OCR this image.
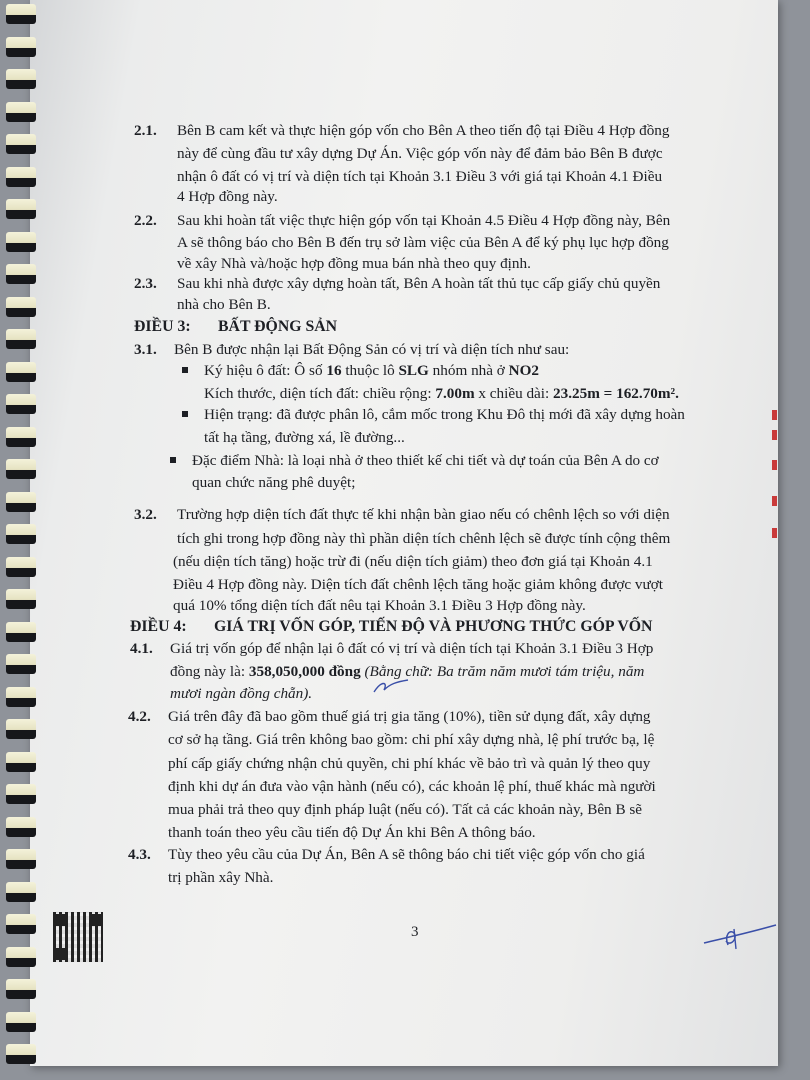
2.1. Bên B cam kết và thực hiện góp vốn cho Bên A theo tiến độ tại Điều 4 Hợp đồng
này để cùng đầu tư xây dựng Dự Án. Việc góp vốn này để đảm bảo Bên B được
nhận ô đất có vị trí và diện tích tại Khoản 3.1 Điều 3 với giá tại Khoản 4.1 Điều
4 Hợp đồng này.
2.2. Sau khi hoàn tất việc thực hiện góp vốn tại Khoản 4.5 Điều 4 Hợp đồng này, Bên
A sẽ thông báo cho Bên B đến trụ sở làm việc của Bên A để ký phụ lục hợp đồng
về xây Nhà và/hoặc hợp đồng mua bán nhà theo quy định.
2.3. Sau khi nhà được xây dựng hoàn tất, Bên A hoàn tất thủ tục cấp giấy chủ quyền
nhà cho Bên B.
ĐIỀU 3: BẤT ĐỘNG SẢN
3.1. Bên B được nhận lại Bất Động Sản có vị trí và diện tích như sau:
Ký hiệu ô đất: Ô số 16 thuộc lô SLG nhóm nhà ở NO2
Kích thước, diện tích đất: chiều rộng: 7.00m x chiều dài: 23.25m = 162.70m².
Hiện trạng: đã được phân lô, cắm mốc trong Khu Đô thị mới đã xây dựng hoàn
tất hạ tầng, đường xá, lề đường...
Đặc điểm Nhà: là loại nhà ở theo thiết kế chi tiết và dự toán của Bên A do cơ
quan chức năng phê duyệt;
3.2. Trường hợp diện tích đất thực tế khi nhận bàn giao nếu có chênh lệch so với diện
tích ghi trong hợp đồng này thì phần diện tích chênh lệch sẽ được tính cộng thêm
(nếu diện tích tăng) hoặc trừ đi (nếu diện tích giảm) theo đơn giá tại Khoản 4.1
Điều 4 Hợp đồng này. Diện tích đất chênh lệch tăng hoặc giảm không được vượt
quá 10% tổng diện tích đất nêu tại Khoản 3.1 Điều 3 Hợp đồng này.
ĐIỀU 4: GIÁ TRỊ VỐN GÓP, TIẾN ĐỘ VÀ PHƯƠNG THỨC GÓP VỐN
4.1. Giá trị vốn góp để nhận lại ô đất có vị trí và diện tích tại Khoản 3.1 Điều 3 Hợp
đồng này là: 358,050,000 đồng (Bằng chữ: Ba trăm năm mươi tám triệu, năm
mươi ngàn đồng chẵn).
4.2. Giá trên đây đã bao gồm thuế giá trị gia tăng (10%), tiền sử dụng đất, xây dựng
cơ sở hạ tầng. Giá trên không bao gồm: chi phí xây dựng nhà, lệ phí trước bạ, lệ
phí cấp giấy chứng nhận chủ quyền, chi phí khác về bảo trì và quản lý theo quy
định khi dự án đưa vào vận hành (nếu có), các khoản lệ phí, thuế khác mà người
mua phải trả theo quy định pháp luật (nếu có). Tất cả các khoản này, Bên B sẽ
thanh toán theo yêu cầu tiến độ Dự Án khi Bên A thông báo.
4.3. Tùy theo yêu cầu của Dự Án, Bên A sẽ thông báo chi tiết việc góp vốn cho giá
trị phần xây Nhà.
3
